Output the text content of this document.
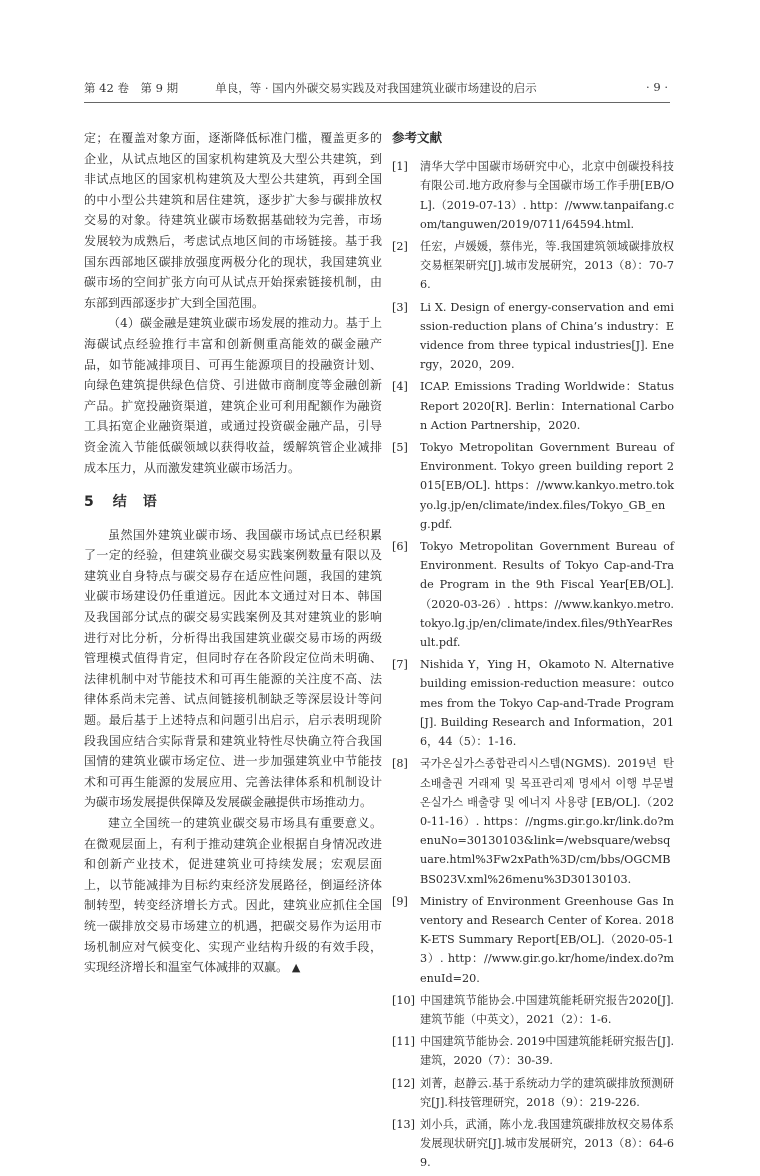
第 42 卷　第 9 期	单良，等 · 国内外碳交易实践及对我国建筑业碳市场建设的启示	· 9 ·

定；在覆盖对象方面，逐渐降低标准门槛，覆盖更多的企业，从试点地区的国家机构建筑及大型公共建筑，到非试点地区的国家机构建筑及大型公共建筑，再到全国的中小型公共建筑和居住建筑，逐步扩大参与碳排放权交易的对象。待建筑业碳市场数据基础较为完善，市场发展较为成熟后，考虑试点地区间的市场链接。基于我国东西部地区碳排放强度两极分化的现状，我国建筑业碳市场的空间扩张方向可从试点开始探索链接机制，由东部到西部逐步扩大到全国范围。

（4）碳金融是建筑业碳市场发展的推动力。基于上海碳试点经验推行丰富和创新侧重高能效的碳金融产品，如节能减排项目、可再生能源项目的投融资计划、向绿色建筑提供绿色信贷、引进做市商制度等金融创新产品。扩宽投融资渠道，建筑企业可利用配额作为融资工具拓宽企业融资渠道，或通过投资碳金融产品，引导资金流入节能低碳领域以获得收益，缓解筑管企业减排成本压力，从而激发建筑业碳市场活力。

5 结　语

虽然国外建筑业碳市场、我国碳市场试点已经积累了一定的经验，但建筑业碳交易实践案例数量有限以及建筑业自身特点与碳交易存在适应性问题，我国的建筑业碳市场建设仍任重道远。因此本文通过对日本、韩国及我国部分试点的碳交易实践案例及其对建筑业的影响进行对比分析，分析得出我国建筑业碳交易市场的两级管理模式值得肯定，但同时存在各阶段定位尚未明确、法律机制中对节能技术和可再生能源的关注度不高、法律体系尚未完善、试点间链接机制缺乏等深层设计等问题。最后基于上述特点和问题引出启示，启示表明现阶段我国应结合实际背景和建筑业特性尽快确立符合我国国情的建筑业碳市场定位、进一步加强建筑业中节能技术和可再生能源的发展应用、完善法律体系和机制设计为碳市场发展提供保障及发展碳金融提供市场推动力。

建立全国统一的建筑业碳交易市场具有重要意义。在微观层面上，有利于推动建筑企业根据自身情况改进和创新产业技术，促进建筑业可持续发展；宏观层面上，以节能减排为目标约束经济发展路径，倒逼经济体制转型，转变经济增长方式。因此，建筑业应抓住全国统一碳排放交易市场建立的机遇，把碳交易作为运用市场机制应对气候变化、实现产业结构升级的有效手段，实现经济增长和温室气体减排的双赢。 ▲

参考文献
[1]	清华大学中国碳市场研究中心，北京中创碳投科技有限公司.地方政府参与全国碳市场工作手册[EB/OL].（2019-07-13）. http：//www.tanpaifang.com/tanguwen/2019/0711/64594.html.
[2]	任宏，卢媛媛，蔡伟光，等.我国建筑领域碳排放权交易框架研究[J].城市发展研究，2013（8）：70-76.
[3]	Li X. Design of energy-conservation and emission-reduction plans of China’s industry：Evidence from three typical industries[J]. Energy，2020，209.
[4]	ICAP. Emissions Trading Worldwide：Status Report 2020[R]. Berlin：International Carbon Action Partnership，2020.
[5]	Tokyo Metropolitan Government Bureau of Environment. Tokyo green building report 2015[EB/OL]. https：//www.kankyo.metro.tokyo.lg.jp/en/climate/index.files/Tokyo_GB_eng.pdf.
[6]	Tokyo Metropolitan Government Bureau of Environment. Results of Tokyo Cap-and-Trade Program in the 9th Fiscal Year[EB/OL].（2020-03-26）. https：//www.kankyo.metro.tokyo.lg.jp/en/climate/index.files/9thYearResult.pdf.
[7]	Nishida Y，Ying H，Okamoto N. Alternative building emission-reduction measure：outcomes from the Tokyo Cap-and-Trade Program[J]. Building Research and Information，2016，44（5）：1-16.
[8]	국가온실가스종합관리시스템(NGMS). 2019년 탄소배출권 거래제 및 목표관리제 명세서 이행 부문별 온실가스 배출량 및 에너지 사용량 [EB/OL].（2020-11-16）. https：//ngms.gir.go.kr/link.do?menuNo=30130103&link=/websquare/websquare.html%3Fw2xPath%3D/cm/bbs/OGCMBBS023V.xml%26menu%3D30130103.
[9]	Ministry of Environment Greenhouse Gas Inventory and Research Center of Korea. 2018 K-ETS Summary Report[EB/OL].（2020-05-13）. http：//www.gir.go.kr/home/index.do?menuId=20.
[10] 中国建筑节能协会.中国建筑能耗研究报告2020[J].建筑节能（中英文），2021（2）：1-6.
[11] 中国建筑节能协会. 2019中国建筑能耗研究报告[J].建筑，2020（7）：30-39.
[12] 刘菁，赵静云.基于系统动力学的建筑碳排放预测研究[J].科技管理研究，2018（9）：219-226.
[13] 刘小兵，武涌，陈小龙.我国建筑碳排放权交易体系发展现状研究[J].城市发展研究，2013（8）：64-69.
